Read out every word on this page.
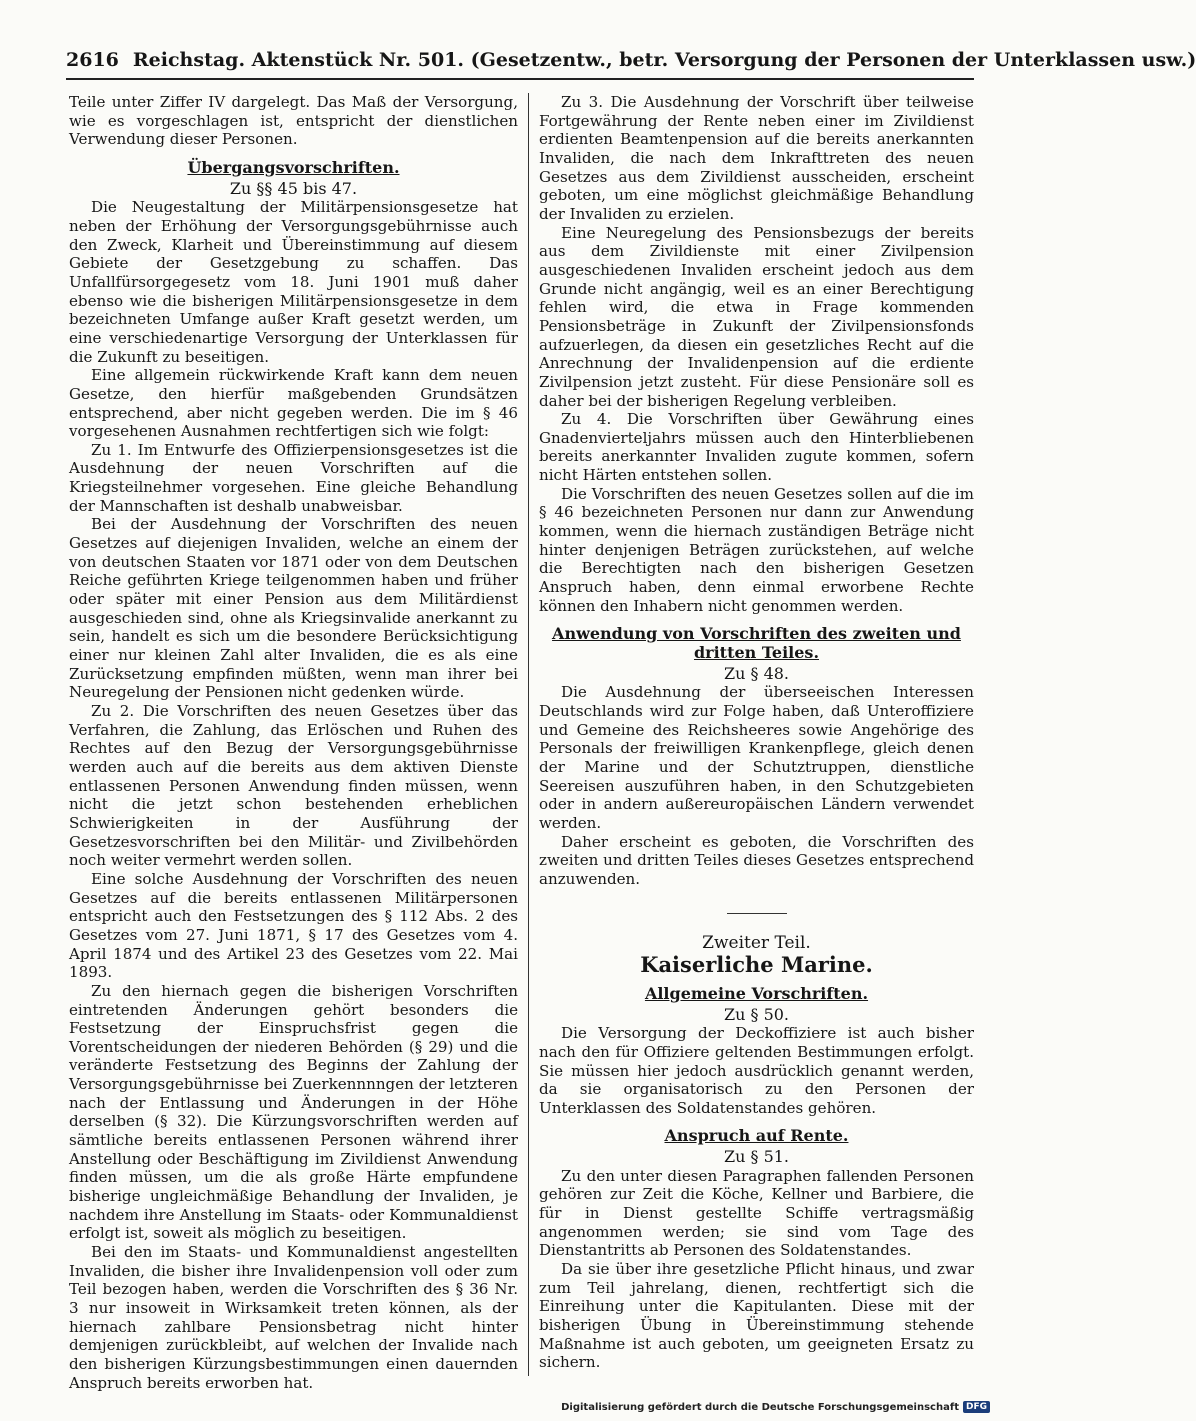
2616 Reichstag. Aktenstück Nr. 501. (Gesetzentw., betr. Versorgung der Personen der Unterklassen usw.)

Teile unter Ziffer IV dargelegt. Das Maß der Versorgung, wie es vorgeschlagen ist, entspricht der dienstlichen Verwendung dieser Personen.

Übergangsvorschriften.
Zu §§ 45 bis 47.

Die Neugestaltung der Militärpensionsgesetze hat neben der Erhöhung der Versorgungsgebührnisse auch den Zweck, Klarheit und Übereinstimmung auf diesem Gebiete der Gesetzgebung zu schaffen. Das Unfallfürsorgegesetz vom 18. Juni 1901 muß daher ebenso wie die bisherigen Militärpensionsgesetze in dem bezeichneten Umfange außer Kraft gesetzt werden, um eine verschiedenartige Versorgung der Unterklassen für die Zukunft zu beseitigen.

Eine allgemein rückwirkende Kraft kann dem neuen Gesetze, den hierfür maßgebenden Grundsätzen entsprechend, aber nicht gegeben werden. Die im § 46 vorgesehenen Ausnahmen rechtfertigen sich wie folgt:

Zu 1. Im Entwurfe des Offizierpensionsgesetzes ist die Ausdehnung der neuen Vorschriften auf die Kriegsteilnehmer vorgesehen. Eine gleiche Behandlung der Mannschaften ist deshalb unabweisbar.

Bei der Ausdehnung der Vorschriften des neuen Gesetzes auf diejenigen Invaliden, welche an einem der von deutschen Staaten vor 1871 oder von dem Deutschen Reiche geführten Kriege teilgenommen haben und früher oder später mit einer Pension aus dem Militärdienst ausgeschieden sind, ohne als Kriegsinvalide anerkannt zu sein, handelt es sich um die besondere Berücksichtigung einer nur kleinen Zahl alter Invaliden, die es als eine Zurücksetzung empfinden müßten, wenn man ihrer bei Neuregelung der Pensionen nicht gedenken würde.

Zu 2. Die Vorschriften des neuen Gesetzes über das Verfahren, die Zahlung, das Erlöschen und Ruhen des Rechtes auf den Bezug der Versorgungsgebührnisse werden auch auf die bereits aus dem aktiven Dienste entlassenen Personen Anwendung finden müssen, wenn nicht die jetzt schon bestehenden erheblichen Schwierigkeiten in der Ausführung der Gesetzesvorschriften bei den Militär- und Zivilbehörden noch weiter vermehrt werden sollen.

Eine solche Ausdehnung der Vorschriften des neuen Gesetzes auf die bereits entlassenen Militärpersonen entspricht auch den Festsetzungen des § 112 Abs. 2 des Gesetzes vom 27. Juni 1871, § 17 des Gesetzes vom 4. April 1874 und des Artikel 23 des Gesetzes vom 22. Mai 1893.

Zu den hiernach gegen die bisherigen Vorschriften eintretenden Änderungen gehört besonders die Festsetzung der Einspruchsfrist gegen die Vorentscheidungen der niederen Behörden (§ 29) und die veränderte Festsetzung des Beginns der Zahlung der Versorgungsgebührnisse bei Zuerkennnngen der letzteren nach der Entlassung und Änderungen in der Höhe derselben (§ 32). Die Kürzungsvorschriften werden auf sämtliche bereits entlassenen Personen während ihrer Anstellung oder Beschäftigung im Zivildienst Anwendung finden müssen, um die als große Härte empfundene bisherige ungleichmäßige Behandlung der Invaliden, je nachdem ihre Anstellung im Staats- oder Kommunaldienst erfolgt ist, soweit als möglich zu beseitigen.

Bei den im Staats- und Kommunaldienst angestellten Invaliden, die bisher ihre Invalidenpension voll oder zum Teil bezogen haben, werden die Vorschriften des § 36 Nr. 3 nur insoweit in Wirksamkeit treten können, als der hiernach zahlbare Pensionsbetrag nicht hinter demjenigen zurückbleibt, auf welchen der Invalide nach den bisherigen Kürzungsbestimmungen einen dauernden Anspruch bereits erworben hat.

Zu 3. Die Ausdehnung der Vorschrift über teilweise Fortgewährung der Rente neben einer im Zivildienst erdienten Beamtenpension auf die bereits anerkannten Invaliden, die nach dem Inkrafttreten des neuen Gesetzes aus dem Zivildienst ausscheiden, erscheint geboten, um eine möglichst gleichmäßige Behandlung der Invaliden zu erzielen.

Eine Neuregelung des Pensionsbezugs der bereits aus dem Zivildienste mit einer Zivilpension ausgeschiedenen Invaliden erscheint jedoch aus dem Grunde nicht angängig, weil es an einer Berechtigung fehlen wird, die etwa in Frage kommenden Pensionsbeträge in Zukunft der Zivilpensionsfonds aufzuerlegen, da diesen ein gesetzliches Recht auf die Anrechnung der Invalidenpension auf die erdiente Zivilpension jetzt zusteht. Für diese Pensionäre soll es daher bei der bisherigen Regelung verbleiben.

Zu 4. Die Vorschriften über Gewährung eines Gnadenvierteljahrs müssen auch den Hinterbliebenen bereits anerkannter Invaliden zugute kommen, sofern nicht Härten entstehen sollen.

Die Vorschriften des neuen Gesetzes sollen auf die im § 46 bezeichneten Personen nur dann zur Anwendung kommen, wenn die hiernach zuständigen Beträge nicht hinter denjenigen Beträgen zurückstehen, auf welche die Berechtigten nach den bisherigen Gesetzen Anspruch haben, denn einmal erworbene Rechte können den Inhabern nicht genommen werden.

Anwendung von Vorschriften des zweiten und dritten Teiles.
Zu § 48.

Die Ausdehnung der überseeischen Interessen Deutschlands wird zur Folge haben, daß Unteroffiziere und Gemeine des Reichsheeres sowie Angehörige des Personals der freiwilligen Krankenpflege, gleich denen der Marine und der Schutztruppen, dienstliche Seereisen auszuführen haben, in den Schutzgebieten oder in andern außereuropäischen Ländern verwendet werden.

Daher erscheint es geboten, die Vorschriften des zweiten und dritten Teiles dieses Gesetzes entsprechend anzuwenden.

Zweiter Teil.
Kaiserliche Marine.
Allgemeine Vorschriften.
Zu § 50.

Die Versorgung der Deckoffiziere ist auch bisher nach den für Offiziere geltenden Bestimmungen erfolgt. Sie müssen hier jedoch ausdrücklich genannt werden, da sie organisatorisch zu den Personen der Unterklassen des Soldatenstandes gehören.

Anspruch auf Rente.
Zu § 51.

Zu den unter diesen Paragraphen fallenden Personen gehören zur Zeit die Köche, Kellner und Barbiere, die für in Dienst gestellte Schiffe vertragsmäßig angenommen werden; sie sind vom Tage des Dienstantritts ab Personen des Soldatenstandes.

Da sie über ihre gesetzliche Pflicht hinaus, und zwar zum Teil jahrelang, dienen, rechtfertigt sich die Einreihung unter die Kapitulanten. Diese mit der bisherigen Übung in Übereinstimmung stehende Maßnahme ist auch geboten, um geeigneten Ersatz zu sichern.

Digitalisierung gefördert durch die Deutsche Forschungsgemeinschaft DFG
